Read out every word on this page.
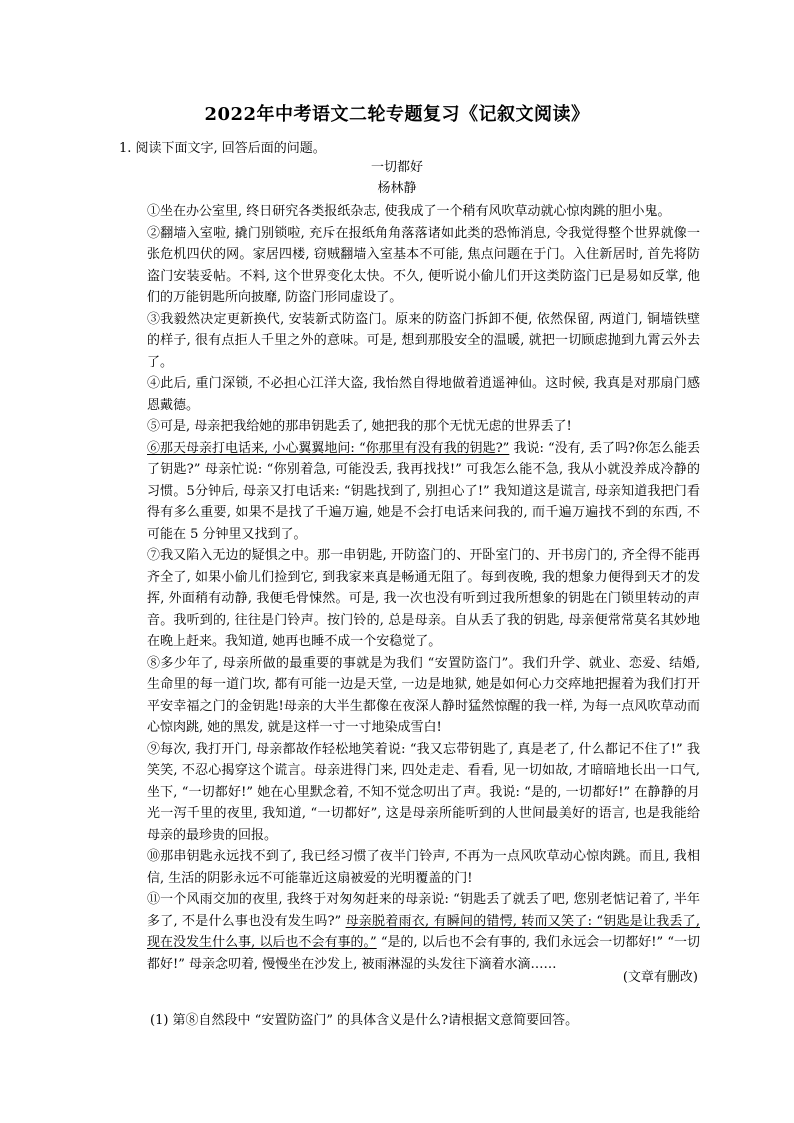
2022年中考语文二轮专题复习《记叙文阅读》
1. 阅读下面文字, 回答后面的问题。
一切都好
杨林静

①坐在办公室里, 终日研究各类报纸杂志, 使我成了一个稍有风吹草动就心惊肉跳的胆小鬼。

②翻墙入室啦, 撬门别锁啦, 充斥在报纸角角落落诸如此类的恐怖消息, 令我觉得整个世界就像一张危机四伏的网。家居四楼, 窃贼翻墙入室基本不可能, 焦点问题在于门。入住新居时, 首先将防盗门安装妥帖。不料, 这个世界变化太快。不久, 便听说小偷儿们开这类防盗门已是易如反掌, 他们的万能钥匙所向披靡, 防盗门形同虚设了。

③我毅然决定更新换代, 安装新式防盗门。原来的防盗门拆卸不便, 依然保留, 两道门, 铜墙铁壁的样子, 很有点拒人千里之外的意味。可是, 想到那股安全的温暖, 就把一切顾虑抛到九霄云外去了。

④此后, 重门深锁, 不必担心江洋大盗, 我怡然自得地做着逍遥神仙。这时候, 我真是对那扇门感恩戴德。

⑤可是, 母亲把我给她的那串钥匙丢了, 她把我的那个无忧无虑的世界丢了!

⑥那天母亲打电话来, 小心翼翼地问: “你那里有没有我的钥匙?” 我说: “没有, 丢了吗?你怎么能丢了钥匙?” 母亲忙说: “你别着急, 可能没丢, 我再找找!” 可我怎么能不急, 我从小就没养成冷静的习惯。5分钟后, 母亲又打电话来: “钥匙找到了, 别担心了!” 我知道这是谎言, 母亲知道我把门看得有多么重要, 如果不是找了千遍万遍, 她是不会打电话来问我的, 而千遍万遍找不到的东西, 不可能在 5 分钟里又找到了。

⑦我又陷入无边的疑惧之中。那一串钥匙, 开防盗门的、开卧室门的、开书房门的, 齐全得不能再齐全了, 如果小偷儿们捡到它, 到我家来真是畅通无阻了。每到夜晚, 我的想象力便得到天才的发挥, 外面稍有动静, 我便毛骨悚然。可是, 我一次也没有听到过我所想象的钥匙在门锁里转动的声音。我听到的, 往往是门铃声。按门铃的, 总是母亲。自从丢了我的钥匙, 母亲便常常莫名其妙地在晚上赶来。我知道, 她再也睡不成一个安稳觉了。

⑧多少年了, 母亲所做的最重要的事就是为我们 “安置防盗门”。我们升学、就业、恋爱、结婚, 生命里的每一道门坎, 都有可能一边是天堂, 一边是地狱, 她是如何心力交瘁地把握着为我们打开平安幸福之门的金钥匙!母亲的大半生都像在夜深人静时猛然惊醒的我一样, 为每一点风吹草动而心惊肉跳, 她的黑发, 就是这样一寸一寸地染成雪白!

⑨每次, 我打开门, 母亲都故作轻松地笑着说: “我又忘带钥匙了, 真是老了, 什么都记不住了!” 我笑笑, 不忍心揭穿这个谎言。母亲进得门来, 四处走走、看看, 见一切如故, 才暗暗地长出一口气, 坐下, “一切都好!” 她在心里默念着, 不知不觉念叨出了声。我说: “是的, 一切都好!” 在静静的月光一泻千里的夜里, 我知道, “一切都好”, 这是母亲所能听到的人世间最美好的语言, 也是我能给母亲的最珍贵的回报。

⑩那串钥匙永远找不到了, 我已经习惯了夜半门铃声, 不再为一点风吹草动心惊肉跳。而且, 我相信, 生活的阴影永远不可能靠近这扇被爱的光明覆盖的门!

⑪一个风雨交加的夜里, 我终于对匆匆赶来的母亲说: “钥匙丢了就丢了吧, 您别老惦记着了, 半年多了, 不是什么事也没有发生吗?” 母亲脱着雨衣, 有瞬间的错愕, 转而又笑了: “钥匙是让我丢了, 现在没发生什么事, 以后也不会有事的。” “是的, 以后也不会有事的, 我们永远会一切都好!” “一切都好!” 母亲念叨着, 慢慢坐在沙发上, 被雨淋湿的头发往下滴着水滴……

(文章有删改)
(1) 第⑧自然段中 “安置防盗门” 的具体含义是什么?请根据文意简要回答。
